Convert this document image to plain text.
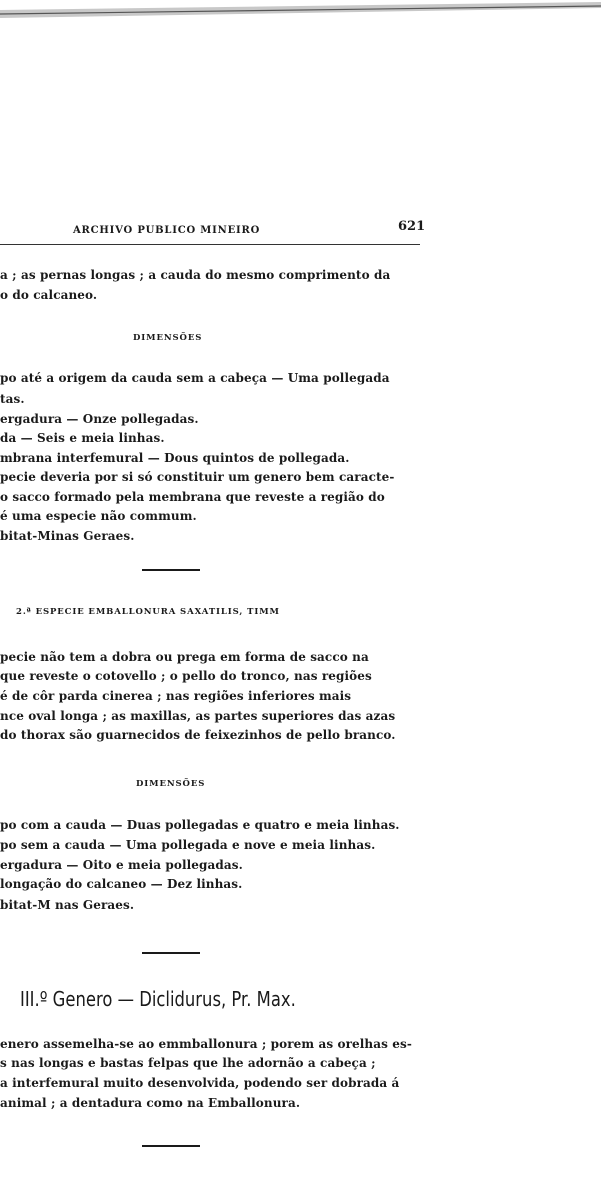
ARCHIVO PUBLICO MINEIRO	621
a ; as pernas longas ; a cauda do mesmo comprimento da
o do calcaneo.
DIMENSÕES
po até a origem da cauda sem a cabeça — Uma pollegada
tas.
ergadura — Onze pollegadas.
da — Seis e meia linhas.
mbrana interfemural — Dous quintos de pollegada.
pecie deveria por si só constituir um genero bem caracte-
o sacco formado pela membrana que reveste a região do
é uma especie não commum.
bitat-Minas Geraes.
2.ª ESPECIE EMBALLONURA SAXATILIS, TIMM
pecie não tem a dobra ou prega em forma de sacco na
que reveste o cotovello ; o pello do tronco, nas regiões
é de côr parda cinerea ; nas regiões inferiores mais
nce oval longa ; as maxillas, as partes superiores das azas
do thorax são guarnecidos de feixezinhos de pello branco.
DIMENSÕES
po com a cauda — Duas pollegadas e quatro e meia linhas.
po sem a cauda — Uma pollegada e nove e meia linhas.
ergadura — Oito e meia pollegadas.
longação do calcaneo — Dez linhas.
bitat-M nas Geraes.
III.º Genero — Diclidurus, Pr. Max.
enero assemelha-se ao emmballonura ; porem as orelhas es-
s nas longas e bastas felpas que lhe adornão a cabeça ;
a interfemural muito desenvolvida, podendo ser dobrada á
animal ; a dentadura como na Emballonura.
